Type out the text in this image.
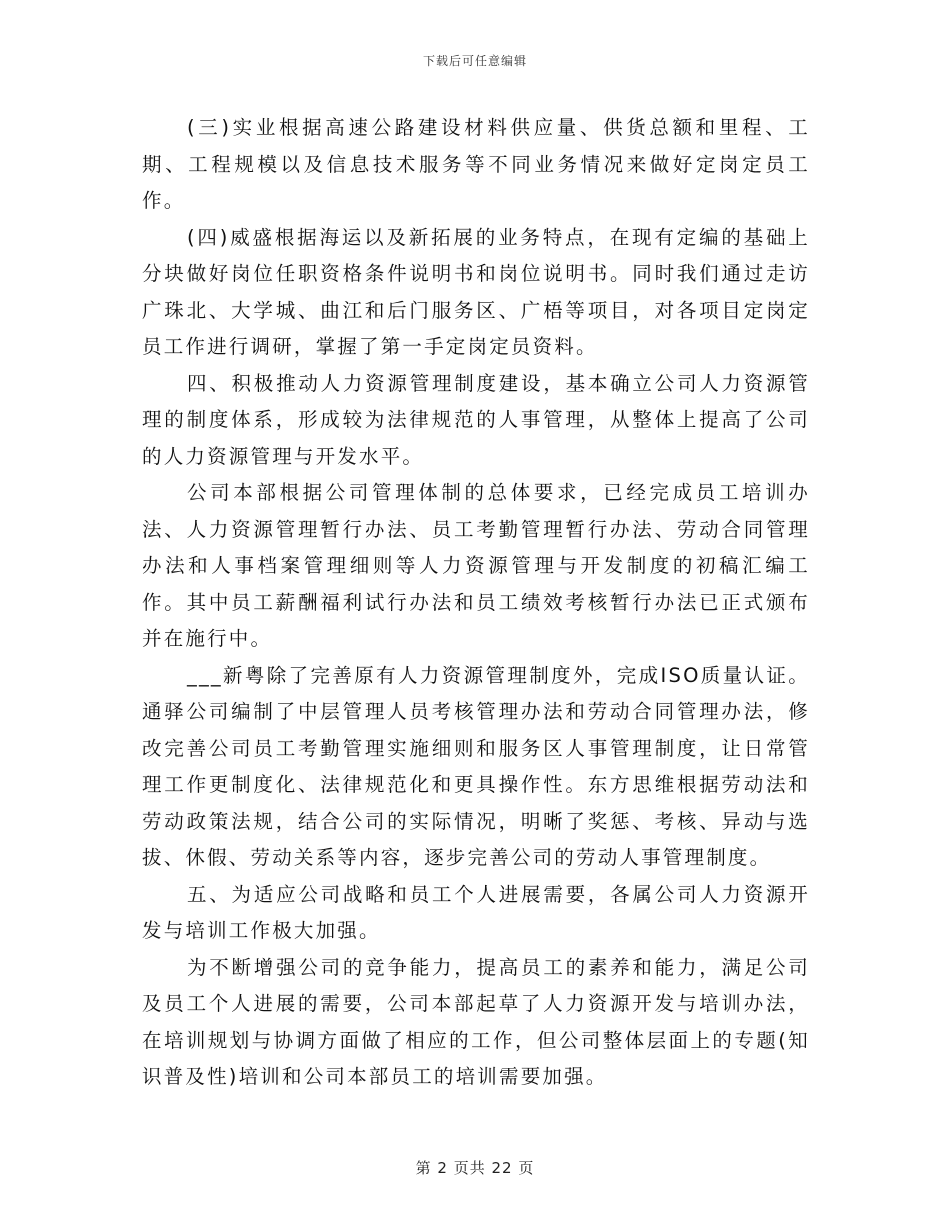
下载后可任意编辑

(三)实业根据高速公路建设材料供应量、供货总额和里程、工期、工程规模以及信息技术服务等不同业务情况来做好定岗定员工作。

(四)威盛根据海运以及新拓展的业务特点，在现有定编的基础上分块做好岗位任职资格条件说明书和岗位说明书。同时我们通过走访广珠北、大学城、曲江和后门服务区、广梧等项目，对各项目定岗定员工作进行调研，掌握了第一手定岗定员资料。

四、积极推动人力资源管理制度建设，基本确立公司人力资源管理的制度体系，形成较为法律规范的人事管理，从整体上提高了公司的人力资源管理与开发水平。

公司本部根据公司管理体制的总体要求，已经完成员工培训办法、人力资源管理暂行办法、员工考勤管理暂行办法、劳动合同管理办法和人事档案管理细则等人力资源管理与开发制度的初稿汇编工作。其中员工薪酬福利试行办法和员工绩效考核暂行办法已正式颁布并在施行中。

___新粤除了完善原有人力资源管理制度外，完成ISO质量认证。通驿公司编制了中层管理人员考核管理办法和劳动合同管理办法，修改完善公司员工考勤管理实施细则和服务区人事管理制度，让日常管理工作更制度化、法律规范化和更具操作性。东方思维根据劳动法和劳动政策法规，结合公司的实际情况，明晰了奖惩、考核、异动与选拔、休假、劳动关系等内容，逐步完善公司的劳动人事管理制度。

五、为适应公司战略和员工个人进展需要，各属公司人力资源开发与培训工作极大加强。

为不断增强公司的竞争能力，提高员工的素养和能力，满足公司及员工个人进展的需要，公司本部起草了人力资源开发与培训办法，在培训规划与协调方面做了相应的工作，但公司整体层面上的专题(知识普及性)培训和公司本部员工的培训需要加强。

第 2 页共 22 页
